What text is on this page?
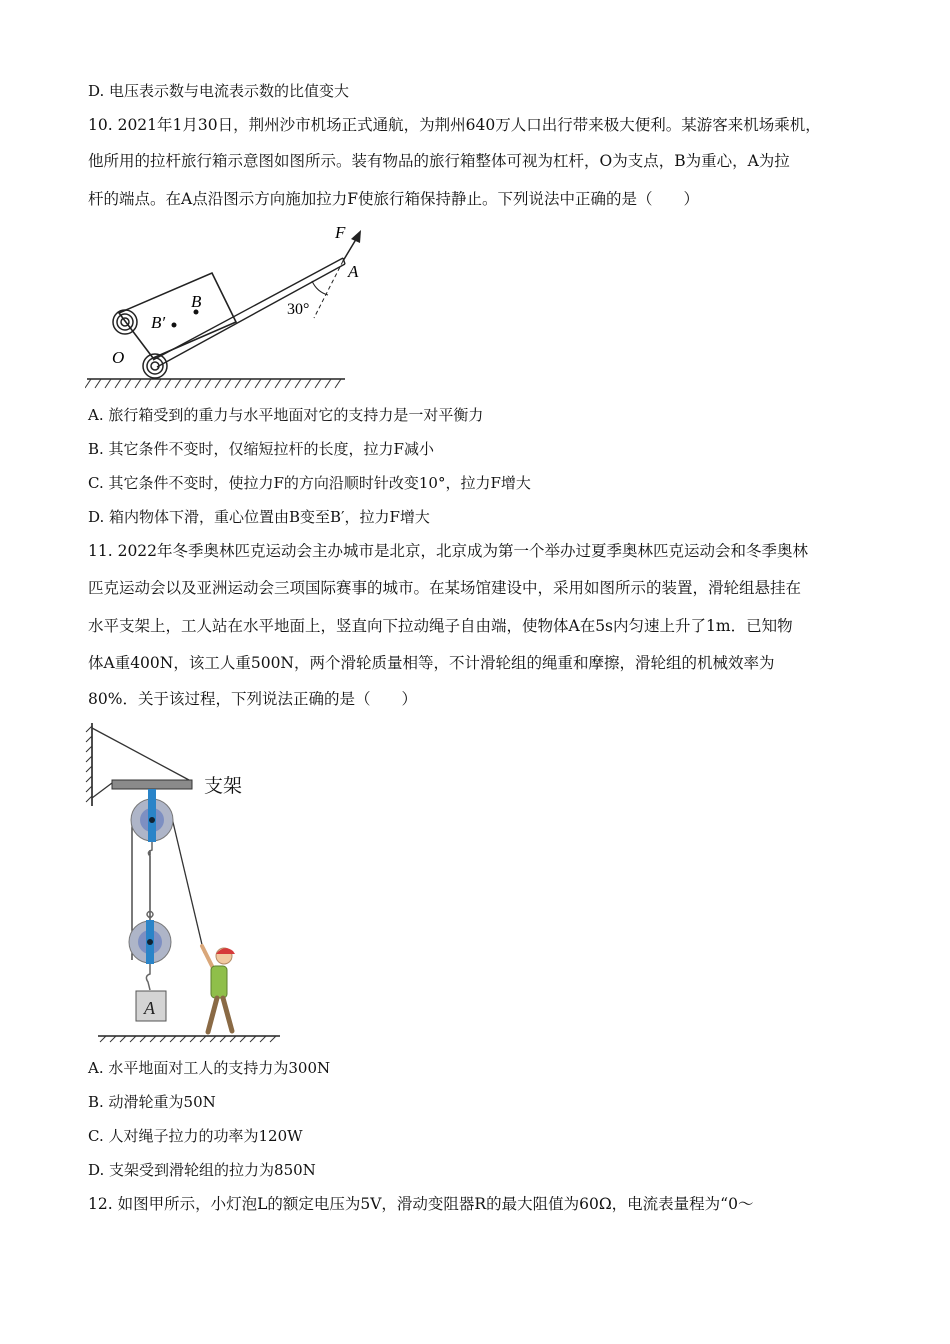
D. 电压表示数与电流表示数的比值变大
10. 2021年1月30日，荆州沙市机场正式通航，为荆州640万人口出行带来极大便利。某游客来机场乘机，
他所用的拉杆旅行箱示意图如图所示。装有物品的旅行箱整体可视为杠杆，O为支点，B为重心，A为拉
杆的端点。在A点沿图示方向施加拉力F使旅行箱保持静止。下列说法中正确的是（　　）
F
A
B
B′
O
30°
A. 旅行箱受到的重力与水平地面对它的支持力是一对平衡力
B. 其它条件不变时，仅缩短拉杆的长度，拉力F减小
C. 其它条件不变时，使拉力F的方向沿顺时针改变10°，拉力F增大
D. 箱内物体下滑，重心位置由B变至B′，拉力F增大
11. 2022年冬季奥林匹克运动会主办城市是北京，北京成为第一个举办过夏季奥林匹克运动会和冬季奥林
匹克运动会以及亚洲运动会三项国际赛事的城市。在某场馆建设中，采用如图所示的装置，滑轮组悬挂在
水平支架上，工人站在水平地面上，竖直向下拉动绳子自由端，使物体A在5s内匀速上升了1m．已知物
体A重400N，该工人重500N，两个滑轮质量相等，不计滑轮组的绳重和摩擦，滑轮组的机械效率为
80%．关于该过程，下列说法正确的是（　　）
支架
A
A. 水平地面对工人的支持力为300N
B. 动滑轮重为50N
C. 人对绳子拉力的功率为120W
D. 支架受到滑轮组的拉力为850N
12. 如图甲所示，小灯泡L的额定电压为5V，滑动变阻器R的最大阻值为60Ω，电流表量程为“0～
